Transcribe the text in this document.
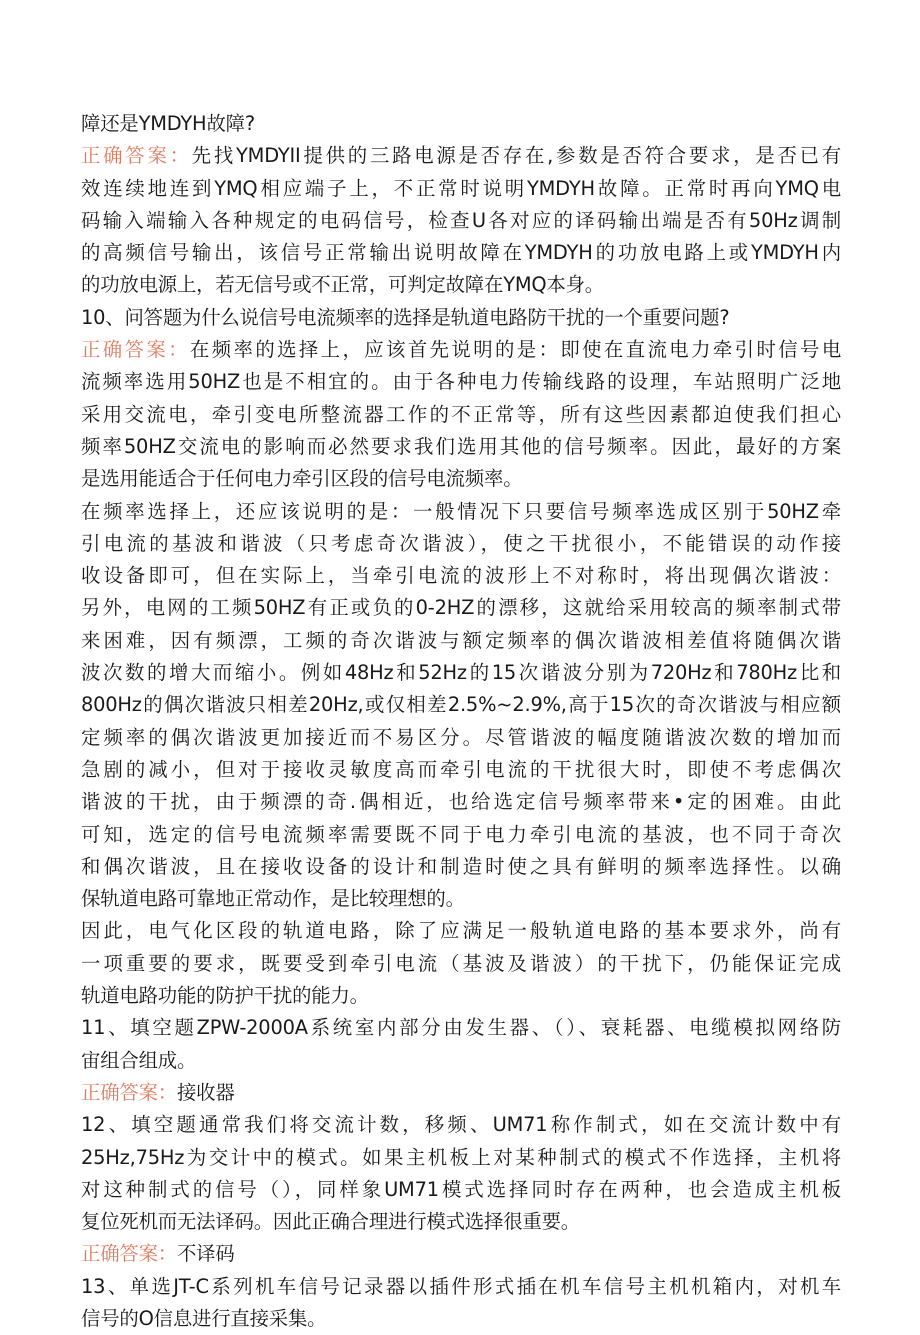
障还是YMDYH故障?
正确答案：先找YMDYII提供的三路电源是否存在,参数是否符合要求，是否已有
效连续地连到YMQ相应端子上，不正常时说明YMDYH故障。正常时再向YMQ电
码输入端输入各种规定的电码信号，检查U各对应的译码输出端是否有50Hz调制
的高频信号输出，该信号正常输出说明故障在YMDYH的功放电路上或YMDYH内
的功放电源上，若无信号或不正常，可判定故障在YMQ本身。
10、问答题为什么说信号电流频率的选择是轨道电路防干扰的一个重要问题?
正确答案：在频率的选择上，应该首先说明的是：即使在直流电力牵引时信号电
流频率选用50HZ也是不相宜的。由于各种电力传输线路的设理，车站照明广泛地
采用交流电，牵引变电所整流器工作的不正常等，所有这些因素都迫使我们担心
频率50HZ交流电的影响而必然要求我们选用其他的信号频率。因此，最好的方案
是选用能适合于任何电力牵引区段的信号电流频率。
在频率选择上，还应该说明的是：一般情况下只要信号频率选成区别于50HZ牵
引电流的基波和谐波（只考虑奇次谐波），使之干扰很小，不能错误的动作接
收设备即可，但在实际上，当牵引电流的波形上不对称时，将出现偶次谐波：
另外，电网的工频50HZ有正或负的0-2HZ的漂移，这就给采用较高的频率制式带
来困难，因有频漂，工频的奇次谐波与额定频率的偶次谐波相差值将随偶次谐
波次数的增大而缩小。例如48Hz和52Hz的15次谐波分别为720Hz和780Hz比和
800Hz的偶次谐波只相差20Hz,或仅相差2.5%~2.9%,高于15次的奇次谐波与相应额
定频率的偶次谐波更加接近而不易区分。尽管谐波的幅度随谐波次数的增加而
急剧的减小，但对于接收灵敏度高而牵引电流的干扰很大时，即使不考虑偶次
谐波的干扰，由于频漂的奇.偶相近，也给选定信号频率带来•定的困难。由此
可知，选定的信号电流频率需要既不同于电力牵引电流的基波，也不同于奇次
和偶次谐波，且在接收设备的设计和制造时使之具有鲜明的频率选择性。以确
保轨道电路可靠地正常动作，是比较理想的。
因此，电气化区段的轨道电路，除了应满足一般轨道电路的基本要求外，尚有
一项重要的要求，既要受到牵引电流（基波及谐波）的干扰下，仍能保证完成
轨道电路功能的防护干扰的能力。
11、填空题ZPW-2000A系统室内部分由发生器、（）、衰耗器、电缆模拟网络防
宙组合组成。
正确答案：接收器
12、填空题通常我们将交流计数，移频、UM71称作制式，如在交流计数中有
25Hz,75Hz为交计中的模式。如果主机板上对某种制式的模式不作选择，主机将
对这种制式的信号（），同样象UM71模式选择同时存在两种，也会造成主机板
复位死机而无法译码。因此正确合理进行模式选择很重要。
正确答案：不译码
13、单选JT-C系列机车信号记录器以插件形式插在机车信号主机机箱内，对机车
信号的O信息进行直接采集。
